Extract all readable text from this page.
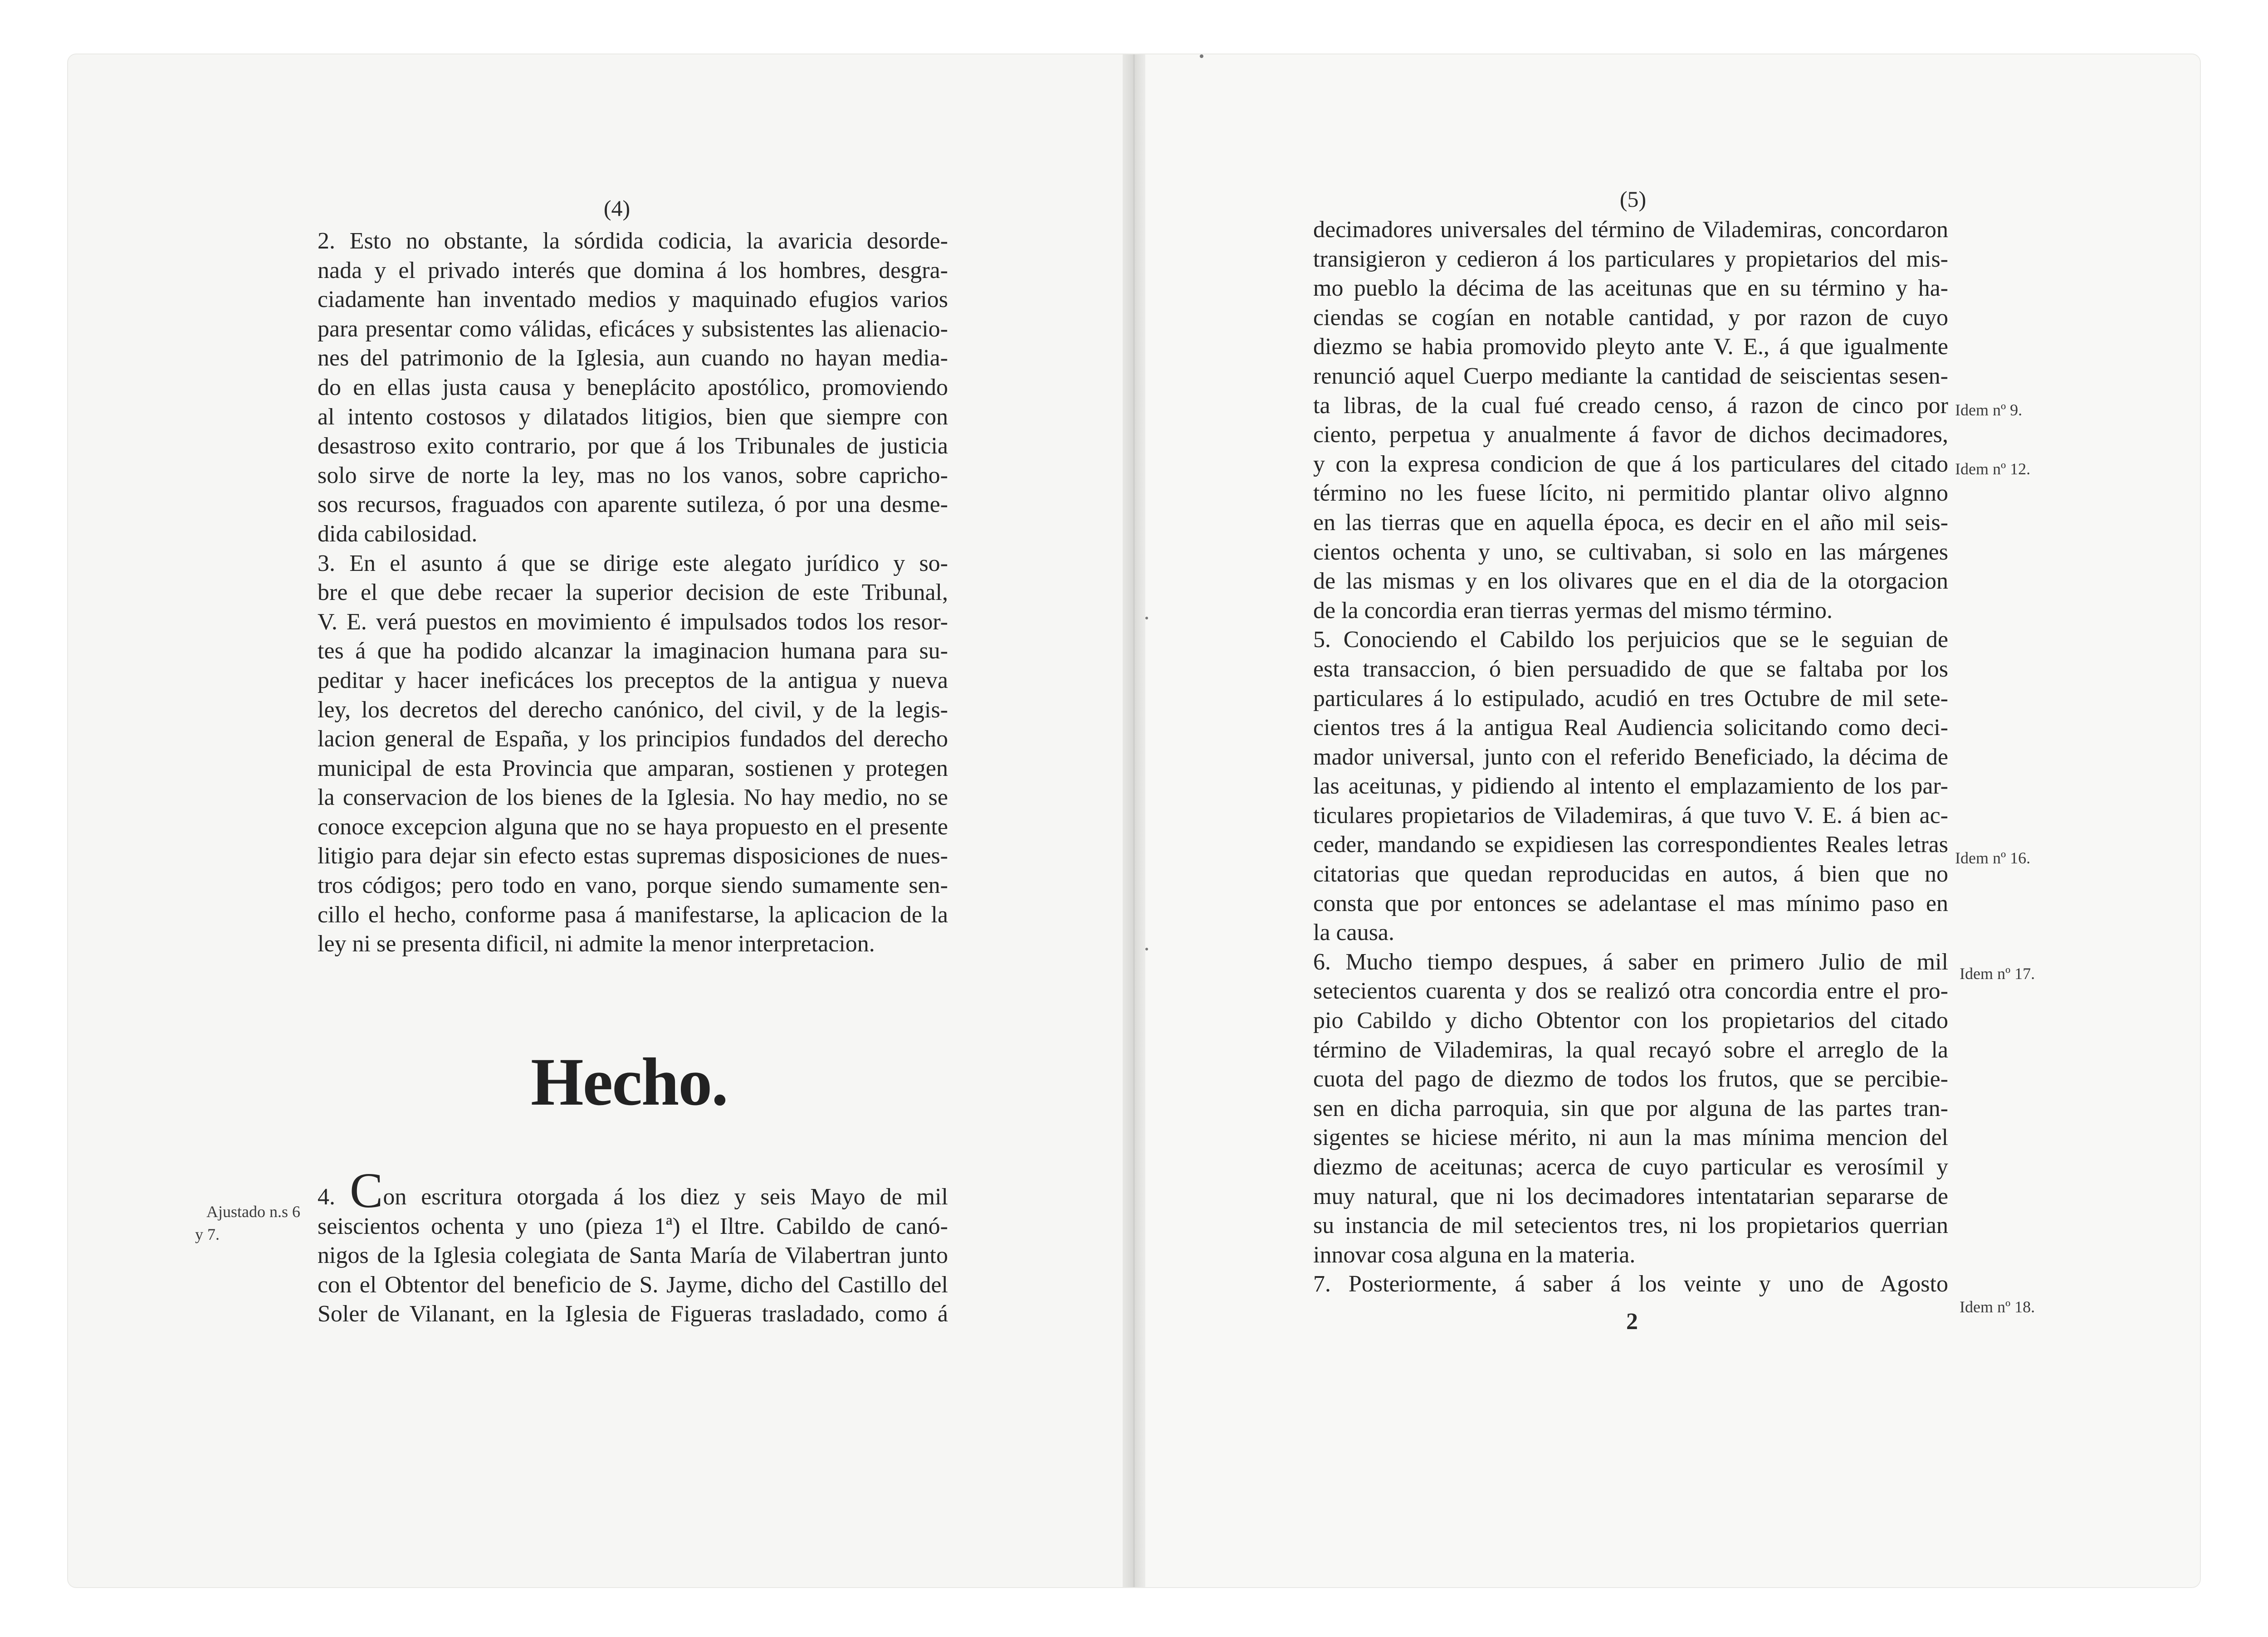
(4)
2. Esto no obstante, la sórdida codicia, la avaricia desorde-
nada y el privado interés que domina á los hombres, desgra-
ciadamente han inventado medios y maquinado efugios varios
para presentar como válidas, eficáces y subsistentes las alienacio-
nes del patrimonio de la Iglesia, aun cuando no hayan media-
do en ellas justa causa y beneplácito apostólico, promoviendo
al intento costosos y dilatados litigios, bien que siempre con
desastroso exito contrario, por que á los Tribunales de justicia
solo sirve de norte la ley, mas no los vanos, sobre capricho-
sos recursos, fraguados con aparente sutileza, ó por una desme-
dida cabilosidad.
3. En el asunto á que se dirige este alegato jurídico y so-
bre el que debe recaer la superior decision de este Tribunal,
V. E. verá puestos en movimiento é impulsados todos los resor-
tes á que ha podido alcanzar la imaginacion humana para su-
peditar y hacer ineficáces los preceptos de la antigua y nueva
ley, los decretos del derecho canónico, del civil, y de la legis-
lacion general de España, y los principios fundados del derecho
municipal de esta Provincia que amparan, sostienen y protegen
la conservacion de los bienes de la Iglesia. No hay medio, no se
conoce excepcion alguna que no se haya propuesto en el presente
litigio para dejar sin efecto estas supremas disposiciones de nues-
tros códigos; pero todo en vano, porque siendo sumamente sen-
cillo el hecho, conforme pasa á manifestarse, la aplicacion de la
ley ni se presenta dificil, ni admite la menor interpretacion.
Hecho.
Ajustado n.s 6
y 7.
4. Con escritura otorgada á los diez y seis Mayo de mil
seiscientos ochenta y uno (pieza 1ª) el Iltre. Cabildo de canó-
nigos de la Iglesia colegiata de Santa María de Vilabertran junto
con el Obtentor del beneficio de S. Jayme, dicho del Castillo del
Soler de Vilanant, en la Iglesia de Figueras trasladado, como á
(5)
decimadores universales del término de Vilademiras, concordaron
transigieron y cedieron á los particulares y propietarios del mis-
mo pueblo la décima de las aceitunas que en su término y ha-
ciendas se cogían en notable cantidad, y por razon de cuyo
diezmo se habia promovido pleyto ante V. E., á que igualmente
renunció aquel Cuerpo mediante la cantidad de seiscientas sesen-
ta libras, de la cual fué creado censo, á razon de cinco por
ciento, perpetua y anualmente á favor de dichos decimadores,
y con la expresa condicion de que á los particulares del citado
término no les fuese lícito, ni permitido plantar olivo algnno
en las tierras que en aquella época, es decir en el año mil seis-
cientos ochenta y uno, se cultivaban, si solo en las márgenes
de las mismas y en los olivares que en el dia de la otorgacion
de la concordia eran tierras yermas del mismo término.
5. Conociendo el Cabildo los perjuicios que se le seguian de
esta transaccion, ó bien persuadido de que se faltaba por los
particulares á lo estipulado, acudió en tres Octubre de mil sete-
cientos tres á la antigua Real Audiencia solicitando como deci-
mador universal, junto con el referido Beneficiado, la décima de
las aceitunas, y pidiendo al intento el emplazamiento de los par-
ticulares propietarios de Vilademiras, á que tuvo V. E. á bien ac-
ceder, mandando se expidiesen las correspondientes Reales letras
citatorias que quedan reproducidas en autos, á bien que no
consta que por entonces se adelantase el mas mínimo paso en
la causa.
6. Mucho tiempo despues, á saber en primero Julio de mil
setecientos cuarenta y dos se realizó otra concordia entre el pro-
pio Cabildo y dicho Obtentor con los propietarios del citado
término de Vilademiras, la qual recayó sobre el arreglo de la
cuota del pago de diezmo de todos los frutos, que se percibie-
sen en dicha parroquia, sin que por alguna de las partes tran-
sigentes se hiciese mérito, ni aun la mas mínima mencion del
diezmo de aceitunas; acerca de cuyo particular es verosímil y
muy natural, que ni los decimadores intentatarian separarse de
su instancia de mil setecientos tres, ni los propietarios querrian
innovar cosa alguna en la materia.
7. Posteriormente, á saber á los veinte y uno de Agosto
2
Idem nº 9.
Idem nº 12.
Idem nº 16.
Idem nº 17.
Idem nº 18.
